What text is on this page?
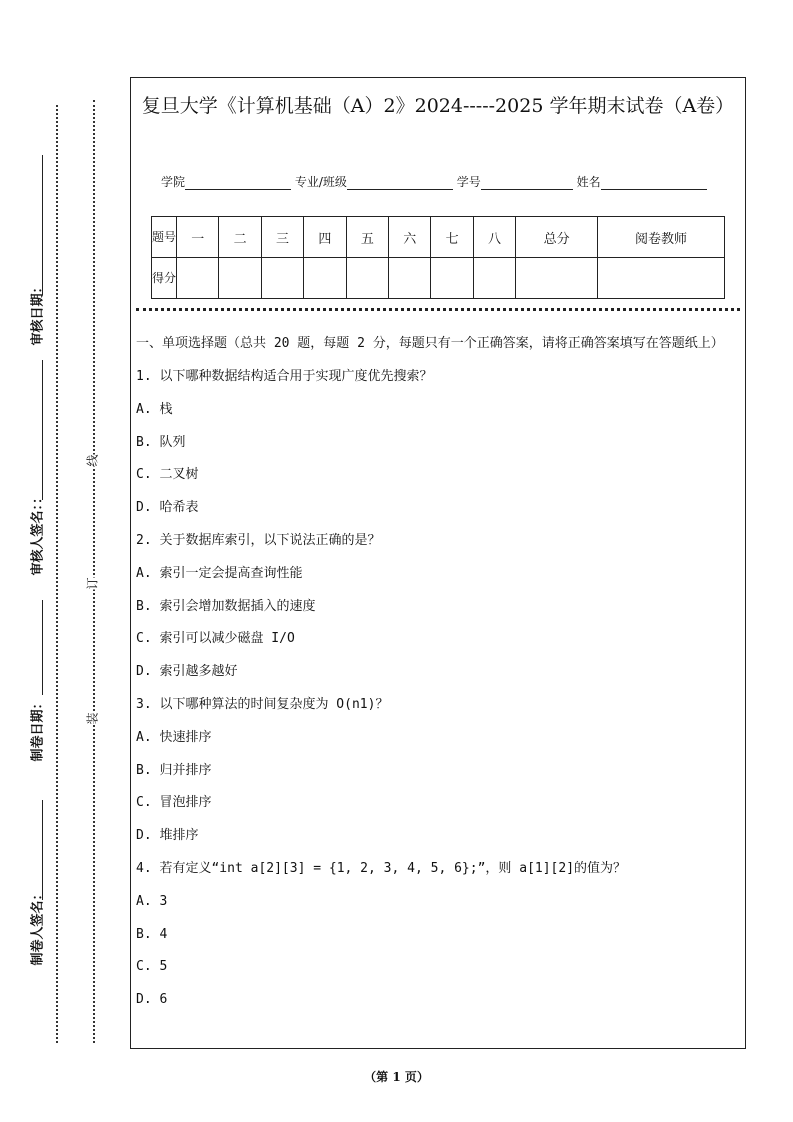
审核日期：
审核人签名：：
制卷日期：
制卷人签名：
线
订
装
复旦大学《计算机基础（A）2》2024-----2025 学年期末试卷（A卷）
学院	专业/班级	学号	姓名
题号	一	二	三	四	五	六	七	八	总分	阅卷教师
得分										
一、单项选择题（总共 20 题，每题 2 分，每题只有一个正确答案，请将正确答案填写在答题纸上）
1. 以下哪种数据结构适合用于实现广度优先搜索？
A. 栈
B. 队列
C. 二叉树
D. 哈希表
2. 关于数据库索引，以下说法正确的是？
A. 索引一定会提高查询性能
B. 索引会增加数据插入的速度
C. 索引可以减少磁盘 I/O
D. 索引越多越好
3. 以下哪种算法的时间复杂度为 O(n1)？
A. 快速排序
B. 归并排序
C. 冒泡排序
D. 堆排序
4. 若有定义“int a[2][3] = {1, 2, 3, 4, 5, 6};”，则 a[1][2]的值为？
A. 3
B. 4
C. 5
D. 6
（第 1 页）
